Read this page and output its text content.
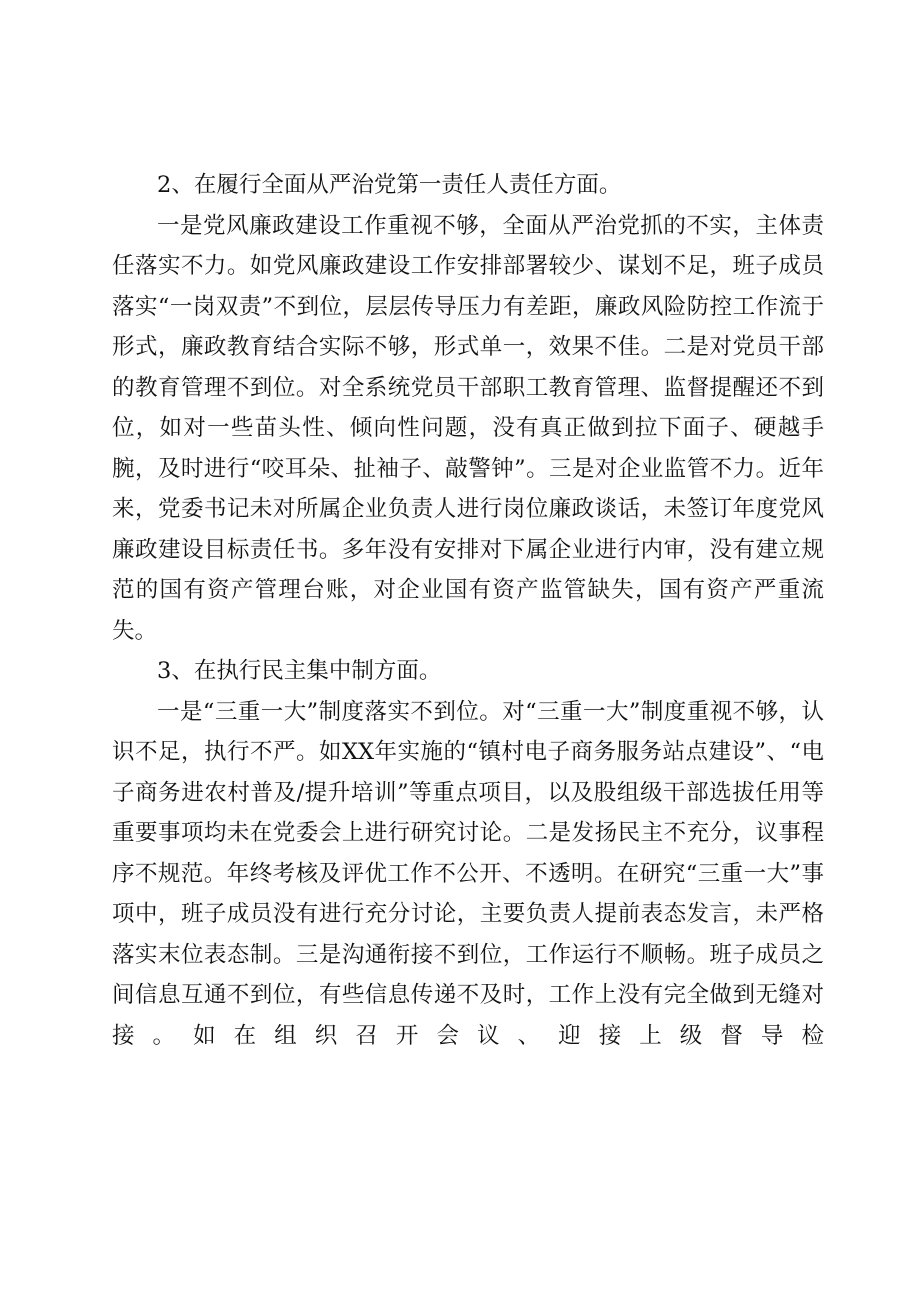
2、在履行全面从严治党第一责任人责任方面。

一是党风廉政建设工作重视不够，全面从严治党抓的不实，主体责任落实不力。如党风廉政建设工作安排部署较少、谋划不足，班子成员落实“一岗双责”不到位，层层传导压力有差距，廉政风险防控工作流于形式，廉政教育结合实际不够，形式单一，效果不佳。二是对党员干部的教育管理不到位。对全系统党员干部职工教育管理、监督提醒还不到位，如对一些苗头性、倾向性问题，没有真正做到拉下面子、硬越手腕，及时进行“咬耳朵、扯袖子、敲警钟”。三是对企业监管不力。近年来，党委书记未对所属企业负责人进行岗位廉政谈话，未签订年度党风廉政建设目标责任书。多年没有安排对下属企业进行内审，没有建立规范的国有资产管理台账，对企业国有资产监管缺失，国有资产严重流失。

3、在执行民主集中制方面。

一是“三重一大”制度落实不到位。对“三重一大”制度重视不够，认识不足，执行不严。如XX年实施的“镇村电子商务服务站点建设”、“电子商务进农村普及/提升培训”等重点项目，以及股组级干部选拔任用等重要事项均未在党委会上进行研究讨论。二是发扬民主不充分，议事程序不规范。年终考核及评优工作不公开、不透明。在研究“三重一大”事项中，班子成员没有进行充分讨论，主要负责人提前表态发言，未严格落实末位表态制。三是沟通衔接不到位，工作运行不顺畅。班子成员之间信息互通不到位，有些信息传递不及时，工作上没有完全做到无缝对接。如在组织召开会议、迎接上级督导检
